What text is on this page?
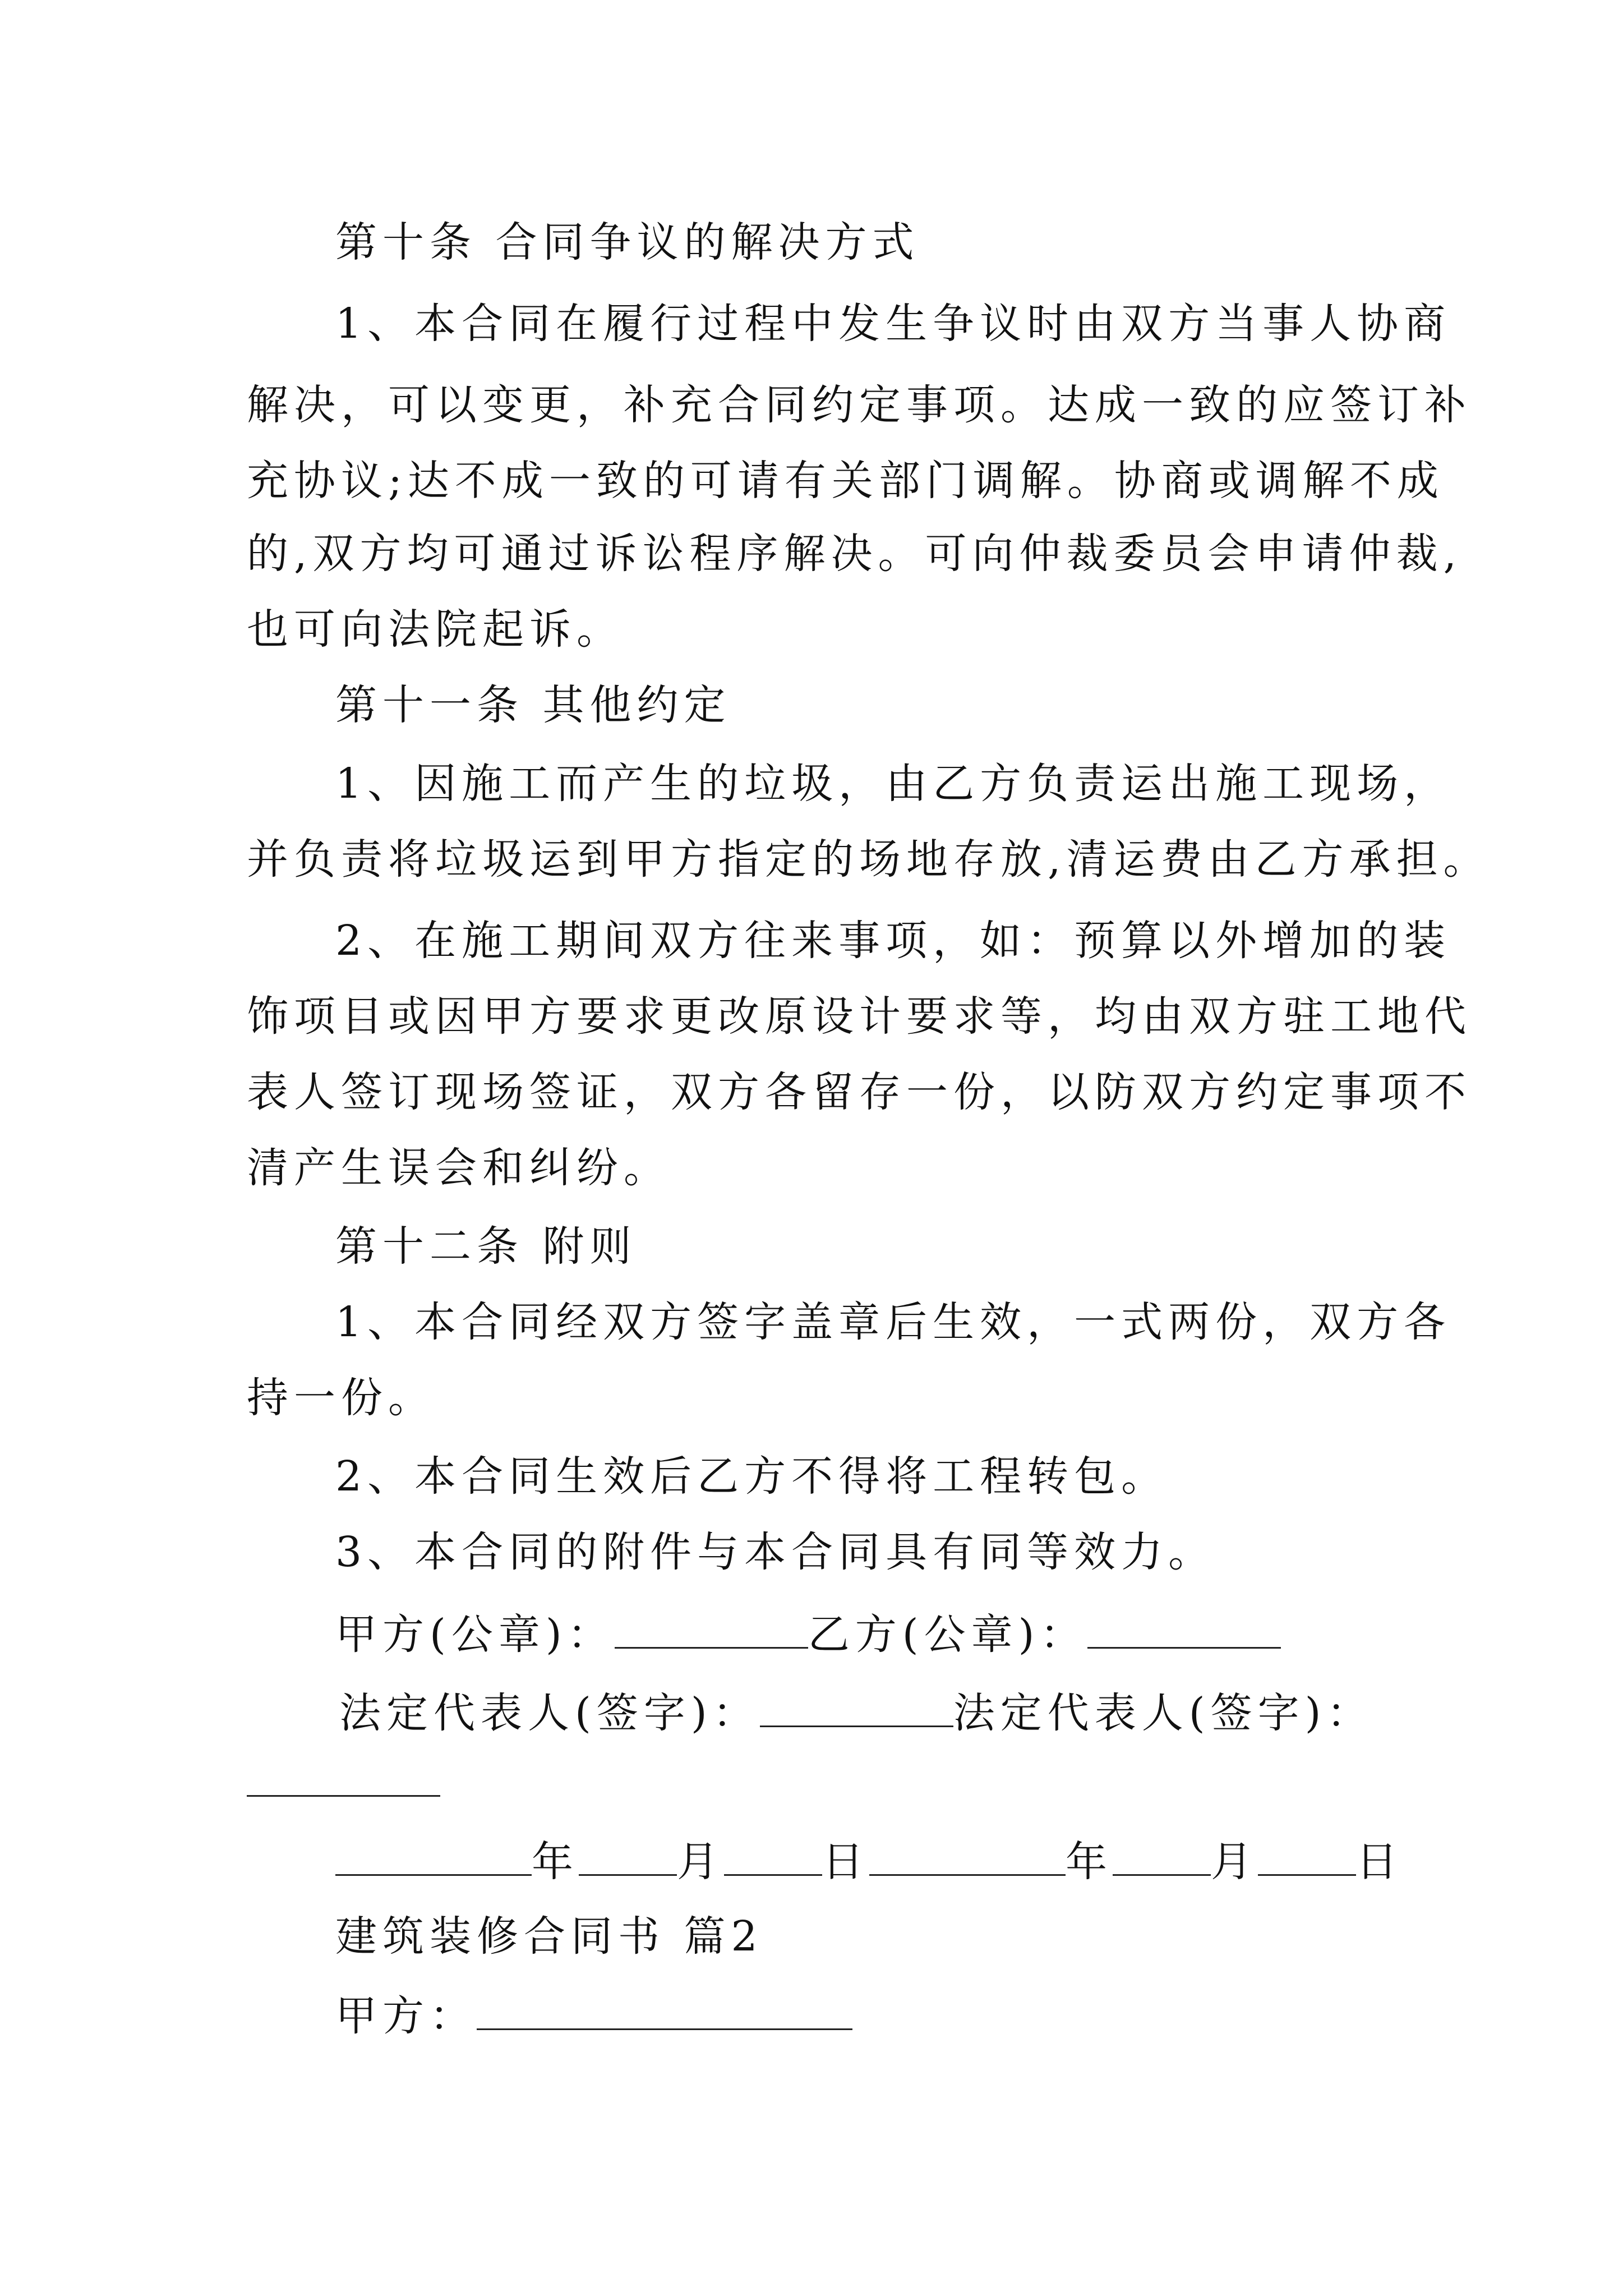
第十条 合同争议的解决方式
1、本合同在履行过程中发生争议时由双方当事人协商
解决，可以变更，补充合同约定事项。达成一致的应签订补
充协议;达不成一致的可请有关部门调解。协商或调解不成
的,双方均可通过诉讼程序解决。可向仲裁委员会申请仲裁,
也可向法院起诉。
第十一条 其他约定
1、因施工而产生的垃圾，由乙方负责运出施工现场，
并负责将垃圾运到甲方指定的场地存放,清运费由乙方承担。
2、在施工期间双方往来事项，如：预算以外增加的装
饰项目或因甲方要求更改原设计要求等，均由双方驻工地代
表人签订现场签证，双方各留存一份，以防双方约定事项不
清产生误会和纠纷。
第十二条 附则
1、本合同经双方签字盖章后生效，一式两份，双方各
持一份。
2、本合同生效后乙方不得将工程转包。
3、本合同的附件与本合同具有同等效力。
甲方(公章)：	乙方(公章)：
法定代表人(签字)：	法定代表人(签字)：
年 月 日	年 月 日
建筑装修合同书 篇2
甲方：
